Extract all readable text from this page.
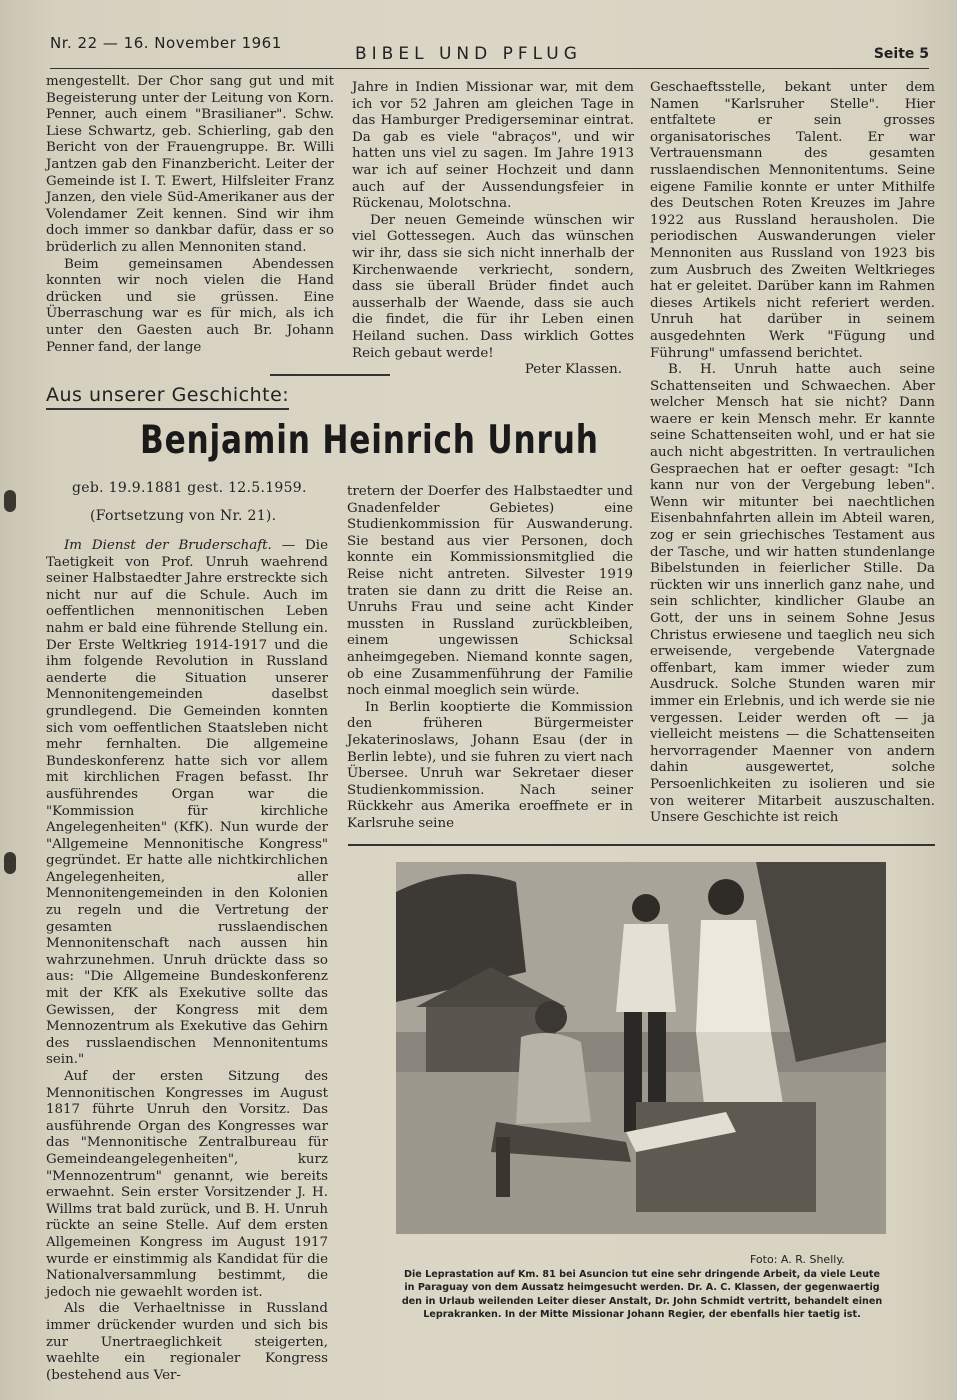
Nr. 22 — 16. November 1961
BIBEL UND PFLUG	Seite 5

mengestellt. Der Chor sang gut und mit Begeisterung unter der Leitung von Korn. Penner, auch einem "Brasilianer". Schw. Liese Schwartz, geb. Schierling, gab den Bericht von der Frauengruppe. Br. Willi Jantzen gab den Finanzbericht. Leiter der Gemeinde ist I. T. Ewert, Hilfsleiter Franz Janzen, den viele Süd-Amerikaner aus der Volendamer Zeit kennen. Sind wir ihm doch immer so dankbar dafür, dass er so brüderlich zu allen Mennoniten stand.

Beim gemeinsamen Abendessen konnten wir noch vielen die Hand drücken und sie grüssen. Eine Überraschung war es für mich, als ich unter den Gaesten auch Br. Johann Penner fand, der lange

Jahre in Indien Missionar war, mit dem ich vor 52 Jahren am gleichen Tage in das Hamburger Predigerseminar eintrat. Da gab es viele "abraços", und wir hatten uns viel zu sagen. Im Jahre 1913 war ich auf seiner Hochzeit und dann auch auf der Aussendungsfeier in Rückenau, Molotschna.

Der neuen Gemeinde wünschen wir viel Gottessegen. Auch das wünschen wir ihr, dass sie sich nicht innerhalb der Kirchenwaende verkriecht, sondern, dass sie überall Brüder findet auch ausserhalb der Waende, dass sie auch die findet, die für ihr Leben einen Heiland suchen. Dass wirklich Gottes Reich gebaut werde!

Peter Klassen.
Aus unserer Geschichte:
Benjamin Heinrich Unruh
geb. 19.9.1881 gest. 12.5.1959.
(Fortsetzung von Nr. 21).

Im Dienst der Bruderschaft. — Die Taetigkeit von Prof. Unruh waehrend seiner Halbstaedter Jahre erstreckte sich nicht nur auf die Schule. Auch im oeffentlichen mennonitischen Leben nahm er bald eine führende Stellung ein. Der Erste Weltkrieg 1914-1917 und die ihm folgende Revolution in Russland aenderte die Situation unserer Mennonitengemeinden daselbst grundlegend. Die Gemeinden konnten sich vom oeffentlichen Staatsleben nicht mehr fernhalten. Die allgemeine Bundeskonferenz hatte sich vor allem mit kirchlichen Fragen befasst. Ihr ausführendes Organ war die "Kommission für kirchliche Angelegenheiten" (KfK). Nun wurde der "Allgemeine Mennonitische Kongress" gegründet. Er hatte alle nichtkirchlichen Angelegenheiten, aller Mennonitengemeinden in den Kolonien zu regeln und die Vertretung der gesamten russlaendischen Mennonitenschaft nach aussen hin wahrzunehmen. Unruh drückte dass so aus: "Die Allgemeine Bundeskonferenz mit der KfK als Exekutive sollte das Gewissen, der Kongress mit dem Mennozentrum als Exekutive das Gehirn des russlaendischen Mennonitentums sein."

Auf der ersten Sitzung des Mennonitischen Kongresses im August 1817 führte Unruh den Vorsitz. Das ausführende Organ des Kongresses war das "Mennonitische Zentralbureau für Gemeindeangelegenheiten", kurz "Mennozentrum" genannt, wie bereits erwaehnt. Sein erster Vorsitzender J. H. Willms trat bald zurück, und B. H. Unruh rückte an seine Stelle. Auf dem ersten Allgemeinen Kongress im August 1917 wurde er einstimmig als Kandidat für die Nationalversammlung bestimmt, die jedoch nie gewaehlt worden ist.

Als die Verhaeltnisse in Russland immer drückender wurden und sich bis zur Unertraeglichkeit steigerten, waehlte ein regionaler Kongress (bestehend aus Ver-

tretern der Doerfer des Halbstaedter und Gnadenfelder Gebietes) eine Studienkommission für Auswanderung. Sie bestand aus vier Personen, doch konnte ein Kommissionsmitglied die Reise nicht antreten. Silvester 1919 traten sie dann zu dritt die Reise an. Unruhs Frau und seine acht Kinder mussten in Russland zurückbleiben, einem ungewissen Schicksal anheimgegeben. Niemand konnte sagen, ob eine Zusammenführung der Familie noch einmal moeglich sein würde.

In Berlin kooptierte die Kommission den früheren Bürgermeister Jekaterinoslaws, Johann Esau (der in Berlin lebte), und sie fuhren zu viert nach Übersee. Unruh war Sekretaer dieser Studienkommission. Nach seiner Rückkehr aus Amerika eroeffnete er in Karlsruhe seine

Geschaeftsstelle, bekant unter dem Namen "Karlsruher Stelle". Hier entfaltete er sein grosses organisatorisches Talent. Er war Vertrauensmann des gesamten russlaendischen Mennonitentums. Seine eigene Familie konnte er unter Mithilfe des Deutschen Roten Kreuzes im Jahre 1922 aus Russland herausholen. Die periodischen Auswanderungen vieler Mennoniten aus Russland von 1923 bis zum Ausbruch des Zweiten Weltkrieges hat er geleitet. Darüber kann im Rahmen dieses Artikels nicht referiert werden. Unruh hat darüber in seinem ausgedehnten Werk "Fügung und Führung" umfassend berichtet.

B. H. Unruh hatte auch seine Schattenseiten und Schwaechen. Aber welcher Mensch hat sie nicht? Dann waere er kein Mensch mehr. Er kannte seine Schattenseiten wohl, und er hat sie auch nicht abgestritten. In vertraulichen Gespraechen hat er oefter gesagt: "Ich kann nur von der Vergebung leben". Wenn wir mitunter bei naechtlichen Eisenbahnfahrten allein im Abteil waren, zog er sein griechisches Testament aus der Tasche, und wir hatten stundenlange Bibelstunden in feierlicher Stille. Da rückten wir uns innerlich ganz nahe, und sein schlichter, kindlicher Glaube an Gott, der uns in seinem Sohne Jesus Christus erwiesene und taeglich neu sich erweisende, vergebende Vatergnade offenbart, kam immer wieder zum Ausdruck. Solche Stunden waren mir immer ein Erlebnis, und ich werde sie nie vergessen. Leider werden oft — ja vielleicht meistens — die Schattenseiten hervorragender Maenner von andern dahin ausgewertet, solche Persoenlichkeiten zu isolieren und sie von weiterer Mitarbeit auszuschalten. Unsere Geschichte ist reich

Foto: A. R. Shelly.
Die Leprastation auf Km. 81 bei Asuncion tut eine sehr dringende Arbeit, da viele Leute in Paraguay von dem Aussatz heimgesucht werden. Dr. A. C. Klassen, der gegenwaertig den in Urlaub weilenden Leiter dieser Anstalt, Dr. John Schmidt vertritt, behandelt einen Leprakranken. In der Mitte Missionar Johann Regier, der ebenfalls hier taetig ist.
